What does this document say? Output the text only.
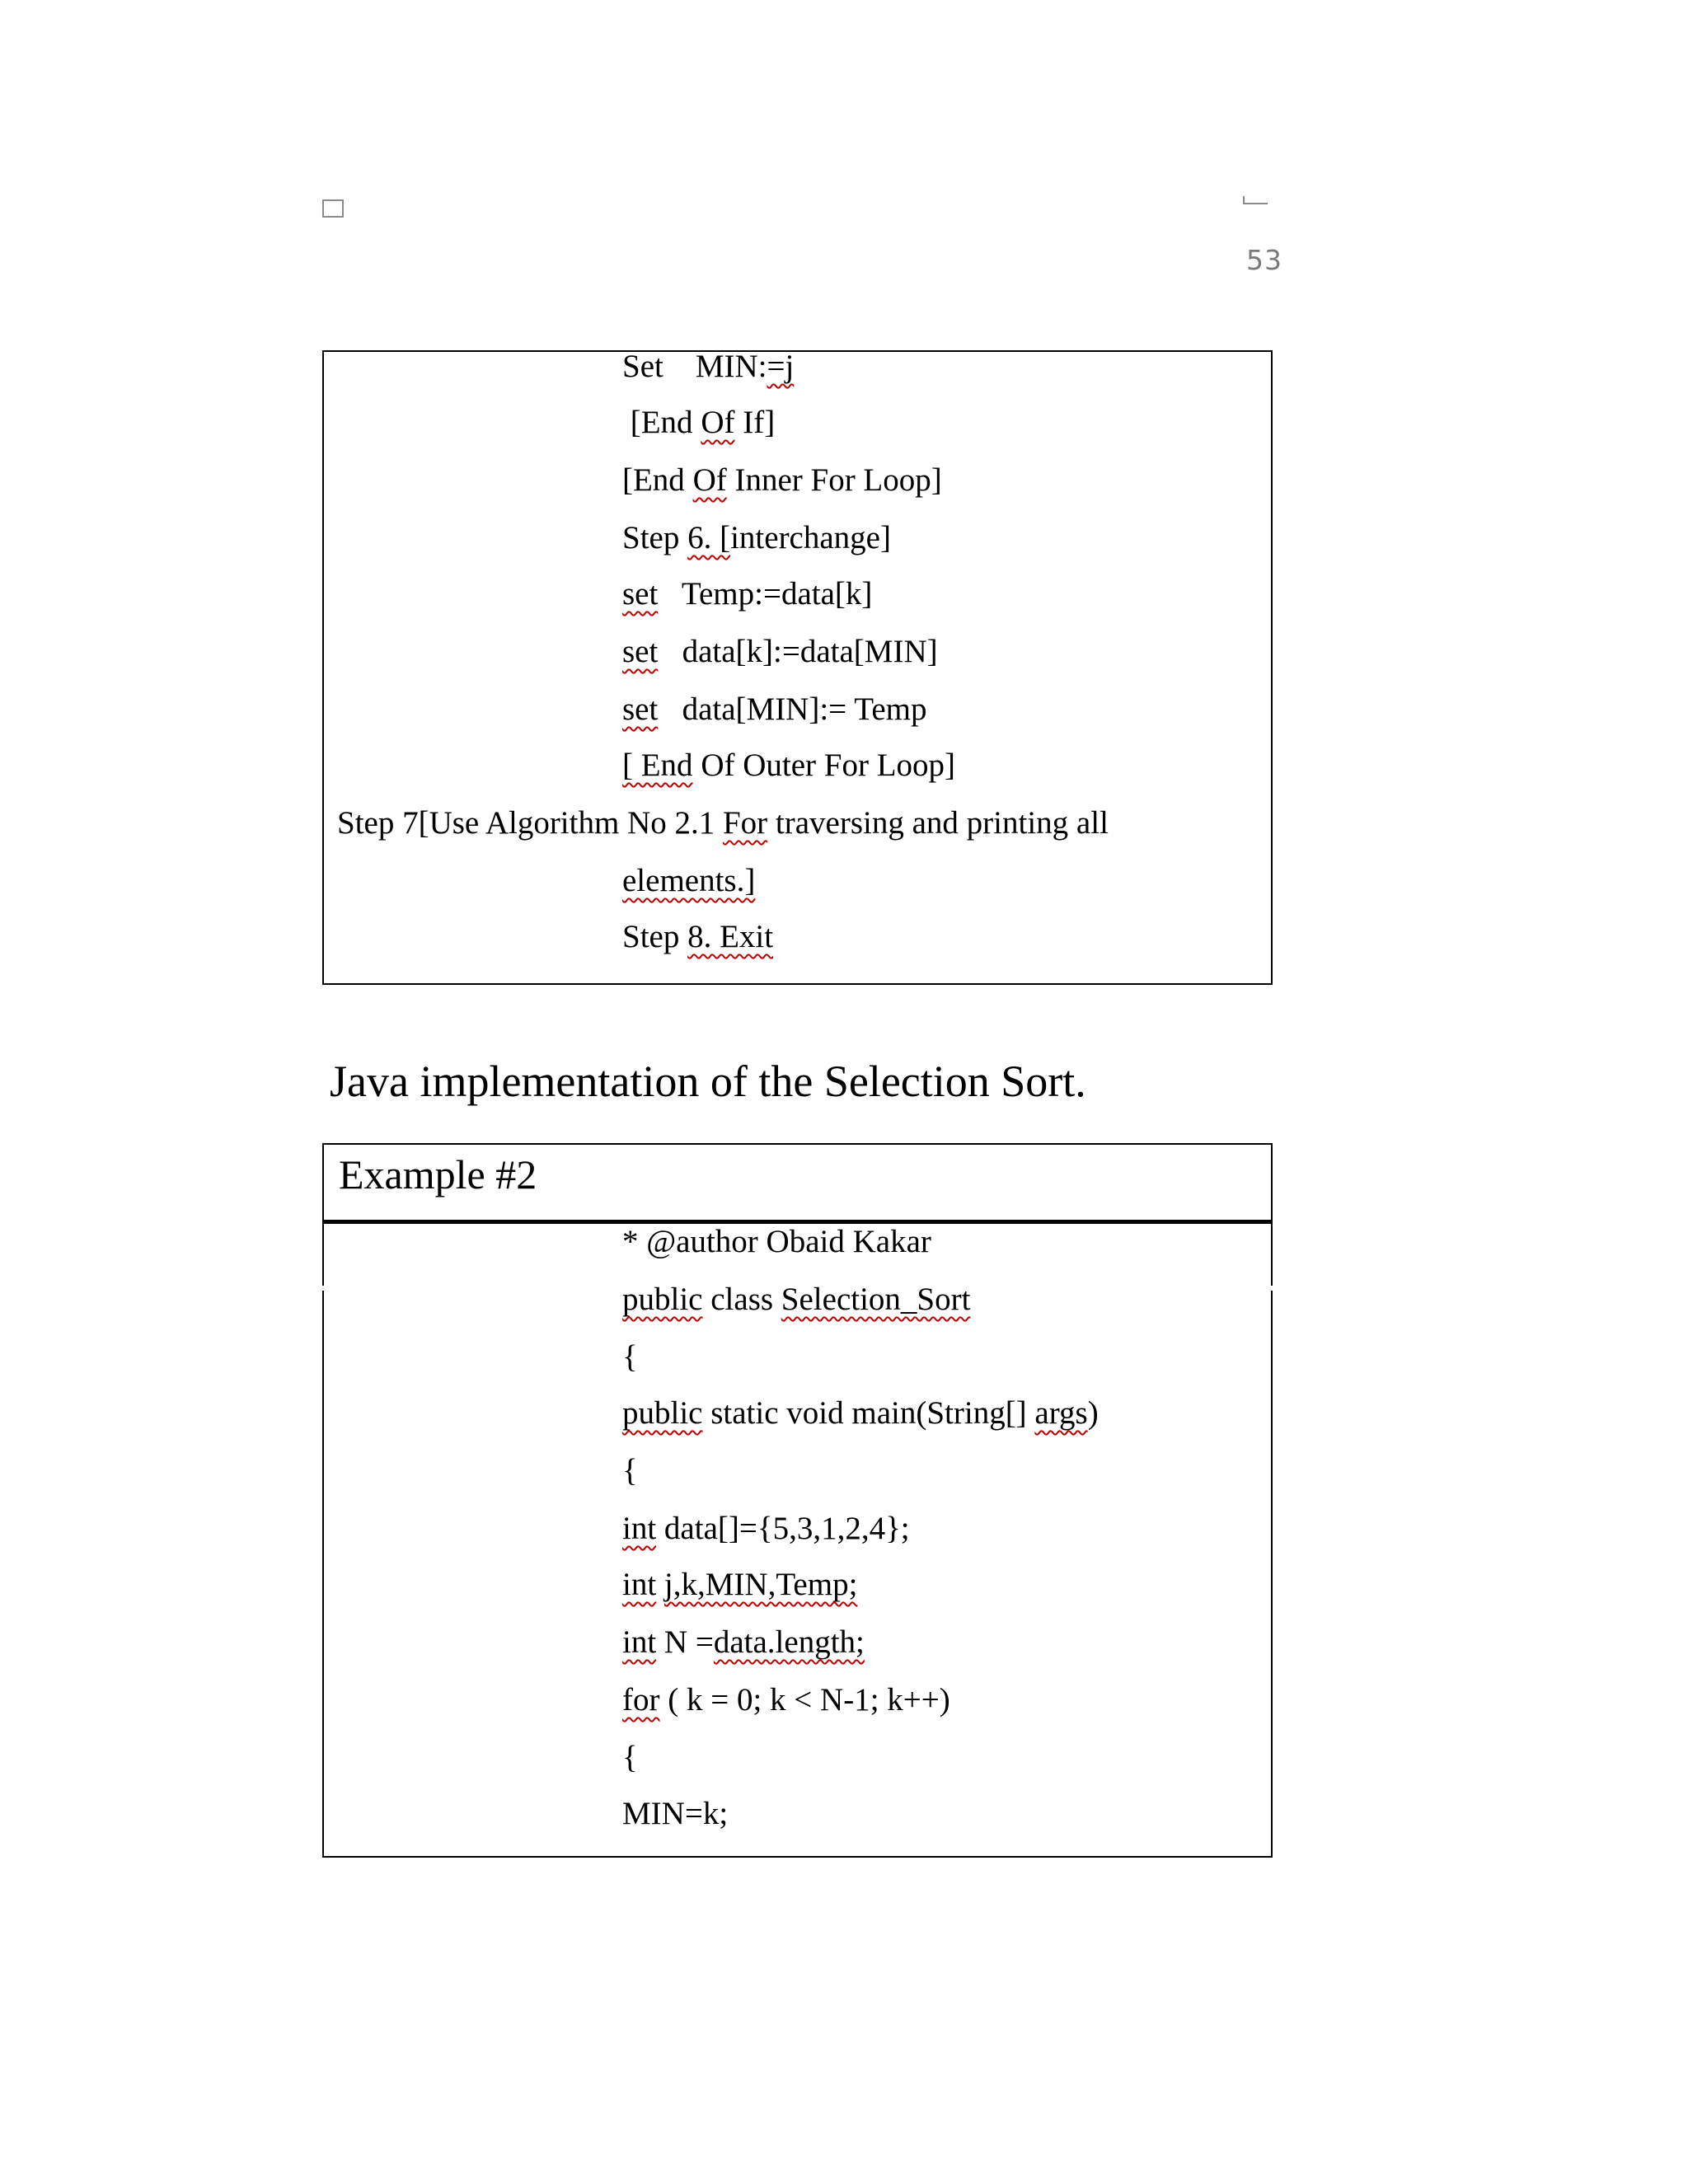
53
Set    MIN:=j
[End Of If]
[End Of Inner For Loop]
Step 6. [interchange]
set   Temp:=data[k]
set   data[k]:=data[MIN]
set   data[MIN]:= Temp
[ End Of Outer For Loop]
Step 7[Use Algorithm No 2.1 For traversing and printing all
elements.]
Step 8. Exit
Java implementation of the Selection Sort.
Example #2
* @author Obaid Kakar
public class Selection_Sort
{
public static void main(String[] args)
{
int data[]={5,3,1,2,4};
int j,k,MIN,Temp;
int N =data.length;
for ( k = 0; k < N-1; k++)
{
MIN=k;
